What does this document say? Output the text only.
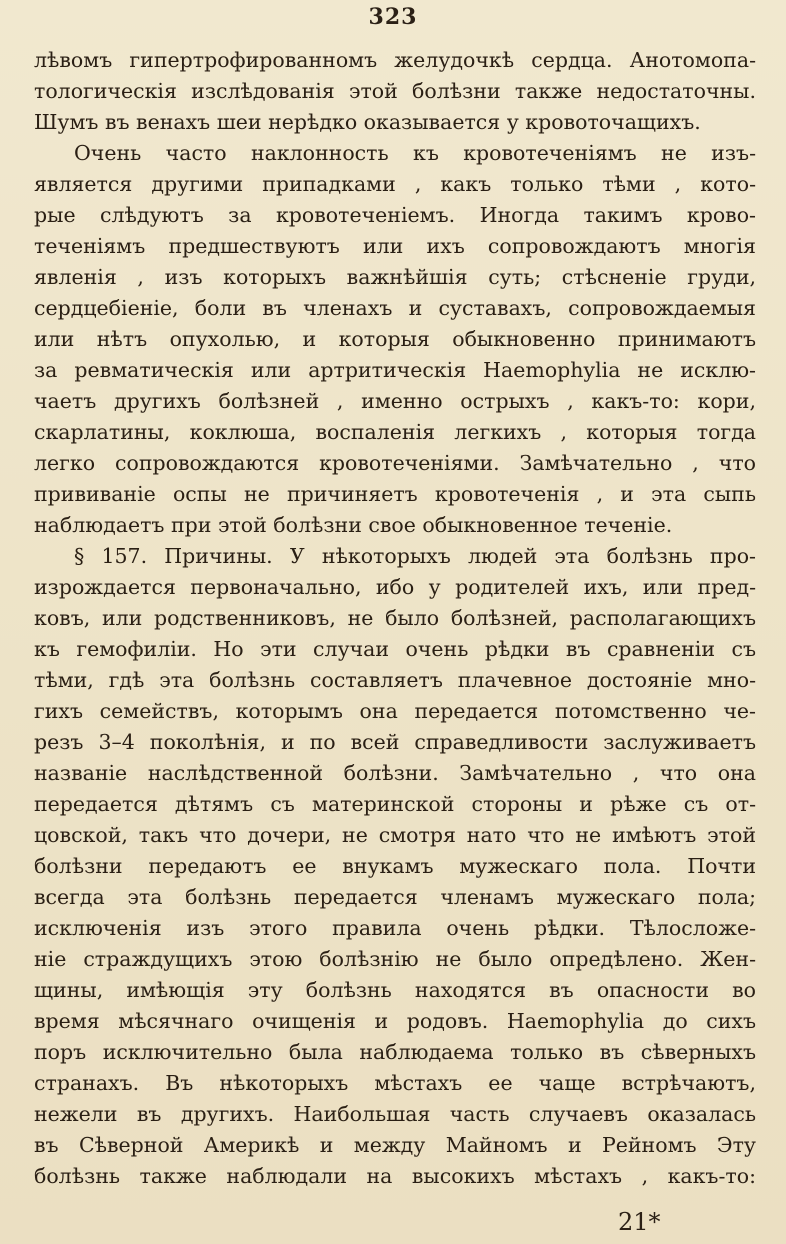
323
лѣвомъ гипертрофированномъ желудочкѣ сердца. Анотомопа-
тологическія изслѣдованія этой болѣзни также недостаточны.
Шумъ въ венахъ шеи нерѣдко оказывается у кровоточащихъ.
Очень часто наклонность къ кровотеченіямъ не изъ-
является другими припадками , какъ только тѣми , кото-
рые слѣдуютъ за кровотеченіемъ. Иногда такимъ крово-
теченіямъ предшествуютъ или ихъ сопровождаютъ многія
явленія , изъ которыхъ важнѣйшія суть; стѣсненіе груди,
сердцебіеніе, боли въ членахъ и суставахъ, сопровождаемыя
или нѣтъ опухолью, и которыя обыкновенно принимаютъ
за ревматическія или артритическія Haemophylia не исклю-
чаетъ другихъ болѣзней , именно острыхъ , какъ-то: кори,
скарлатины, коклюша, воспаленія легкихъ , которыя тогда
легко сопровождаются кровотеченіями. Замѣчательно , что
прививаніе оспы не причиняетъ кровотеченія , и эта сыпь
наблюдаетъ при этой болѣзни свое обыкновенное теченіе.
§ 157. Причины. У нѣкоторыхъ людей эта болѣзнь про-
изрождается первоначально, ибо у родителей ихъ, или пред-
ковъ, или родственниковъ, не было болѣзней, располагающихъ
къ гемофиліи. Но эти случаи очень рѣдки въ сравненіи съ
тѣми, гдѣ эта болѣзнь составляетъ плачевное достояніе мно-
гихъ семействъ, которымъ она передается потомственно че-
резъ 3–4 поколѣнія, и по всей справедливости заслуживаетъ
названіе наслѣдственной болѣзни. Замѣчательно , что она
передается дѣтямъ съ материнской стороны и рѣже съ от-
цовской, такъ что дочери, не смотря нато что не имѣютъ этой
болѣзни передаютъ ее внукамъ мужескаго пола. Почти
всегда эта болѣзнь передается членамъ мужескаго пола;
исключенія изъ этого правила очень рѣдки. Тѣлосложе-
ніе страждущихъ этою болѣзнію не было опредѣлено. Жен-
щины, имѣющія эту болѣзнь находятся въ опасности во
время мѣсячнаго очищенія и родовъ. Haemophylia до сихъ
поръ исключительно была наблюдаема только въ сѣверныхъ
странахъ. Въ нѣкоторыхъ мѣстахъ ее чаще встрѣчаютъ,
нежели въ другихъ. Наибольшая часть случаевъ оказалась
въ Сѣверной Америкѣ и между Майномъ и Рейномъ Эту
болѣзнь также наблюдали на высокихъ мѣстахъ , какъ-то:
21*
